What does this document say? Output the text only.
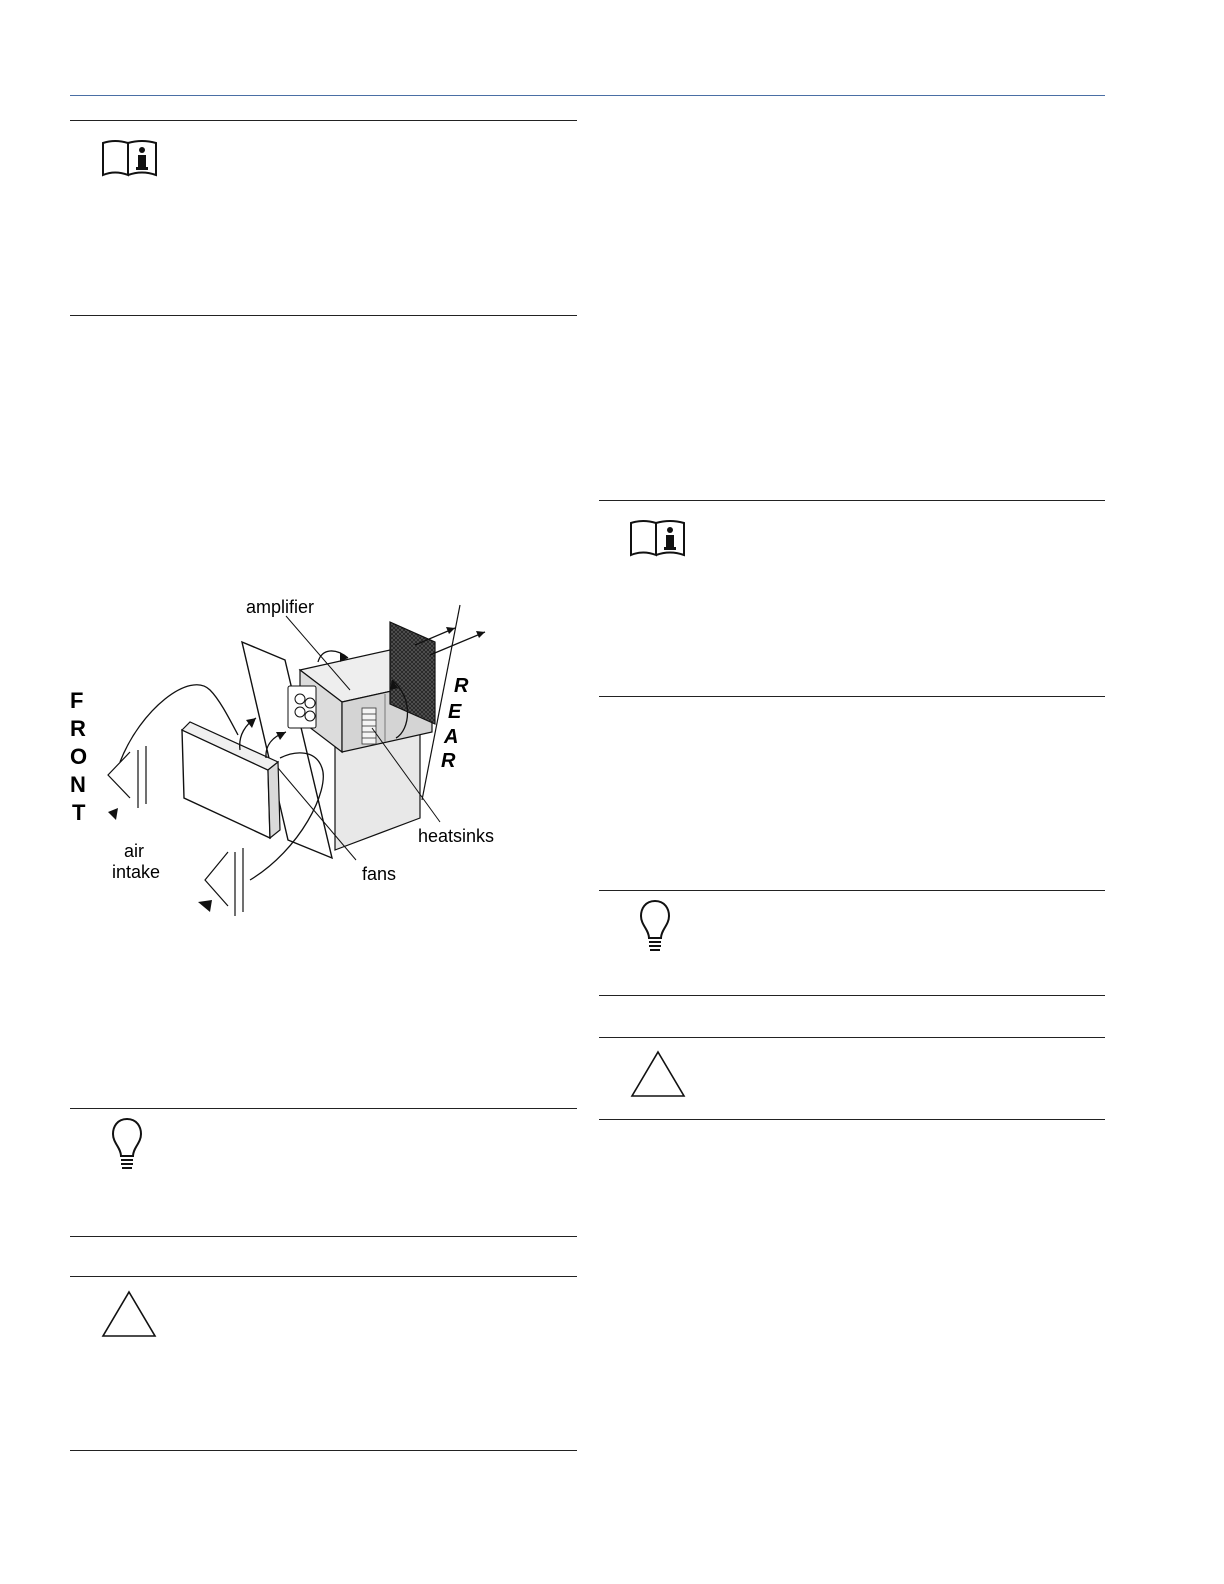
amplifier
heatsinks
air
intake	fans
F
R
O
N
T
R
E
A
R
